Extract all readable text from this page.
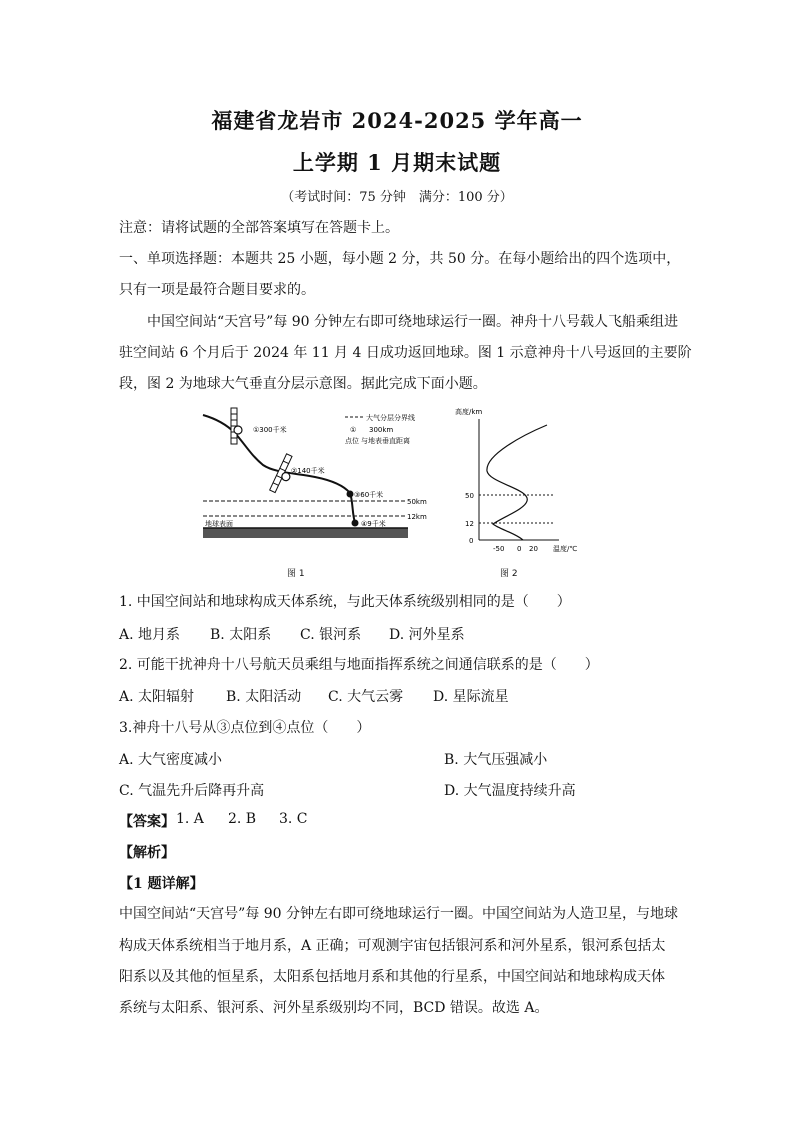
福建省龙岩市 2024-2025 学年高一
上学期 1 月期末试题
（考试时间：75 分钟　满分：100 分）
注意：请将试题的全部答案填写在答题卡上。
一、单项选择题：本题共 25 小题，每小题 2 分，共 50 分。在每小题给出的四个选项中，
只有一项是最符合题目要求的。
中国空间站“天宫号”每 90 分钟左右即可绕地球运行一圈。神舟十八号载人飞船乘组进
驻空间站 6 个月后于 2024 年 11 月 4 日成功返回地球。图 1 示意神舟十八号返回的主要阶
段，图 2 为地球大气垂直分层示意图。据此完成下面小题。
①300千米
②140千米
③60千米
④9千米
大气分层分界线
① 300km
点位 与地表垂直距离
50km
12km
地球表面
图 1
高度/km
50
12
0
-50 0 20 温度/℃
图 2
1. 中国空间站和地球构成天体系统，与此天体系统级别相同的是（　　）
A. 地月系 B. 太阳系 C. 银河系 D. 河外星系
2. 可能干扰神舟十八号航天员乘组与地面指挥系统之间通信联系的是（　　）
A. 太阳辐射 B. 太阳活动 C. 大气云雾 D. 星际流星
3.神舟十八号从③点位到④点位（　　）
A. 大气密度减小	B. 大气压强减小
C. 气温先升后降再升高	D. 大气温度持续升高
【答案】 1. A 2. B 3. C
【解析】
【1 题详解】
中国空间站“天宫号”每 90 分钟左右即可绕地球运行一圈。中国空间站为人造卫星，与地球
构成天体系统相当于地月系，A 正确；可观测宇宙包括银河系和河外星系，银河系包括太
阳系以及其他的恒星系，太阳系包括地月系和其他的行星系，中国空间站和地球构成天体
系统与太阳系、银河系、河外星系级别均不同，BCD 错误。故选 A。
